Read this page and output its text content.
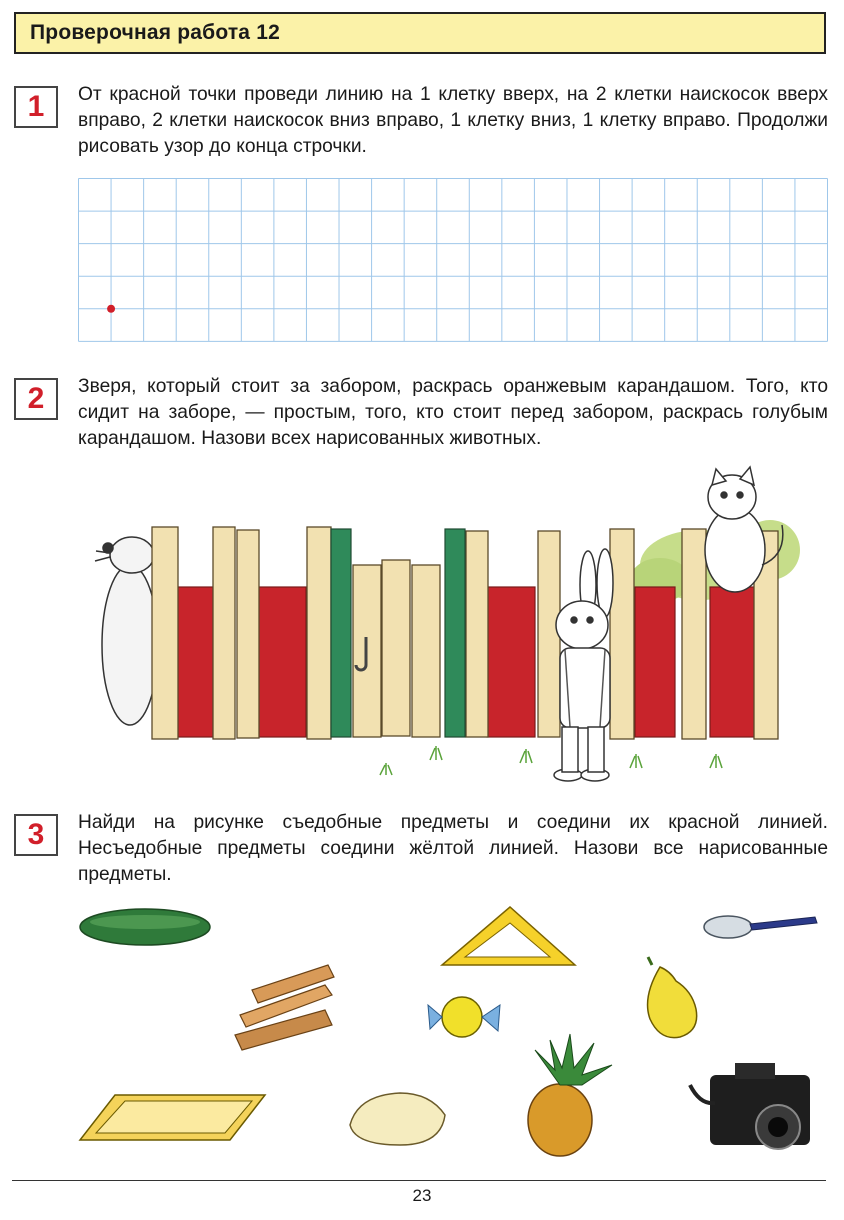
Проверочная работа 12
1	От красной точки проведи линию на 1 клетку вверх, на 2 клетки наискосок вверх вправо, 2 клетки наискосок вниз вправо, 1 клетку вниз, 1 клетку вправо. Продолжи рисовать узор до конца строчки.
2	Зверя, который стоит за забором, раскрась оранжевым карандашом. Того, кто сидит на заборе, — простым, того, кто стоит перед забором, раскрась голубым карандашом. Назови всех нарисованных животных.
3	Найди на рисунке съедобные предметы и соедини их красной линией. Несъедобные предметы соедини жёлтой линией. Назови все нарисованные предметы.
23
